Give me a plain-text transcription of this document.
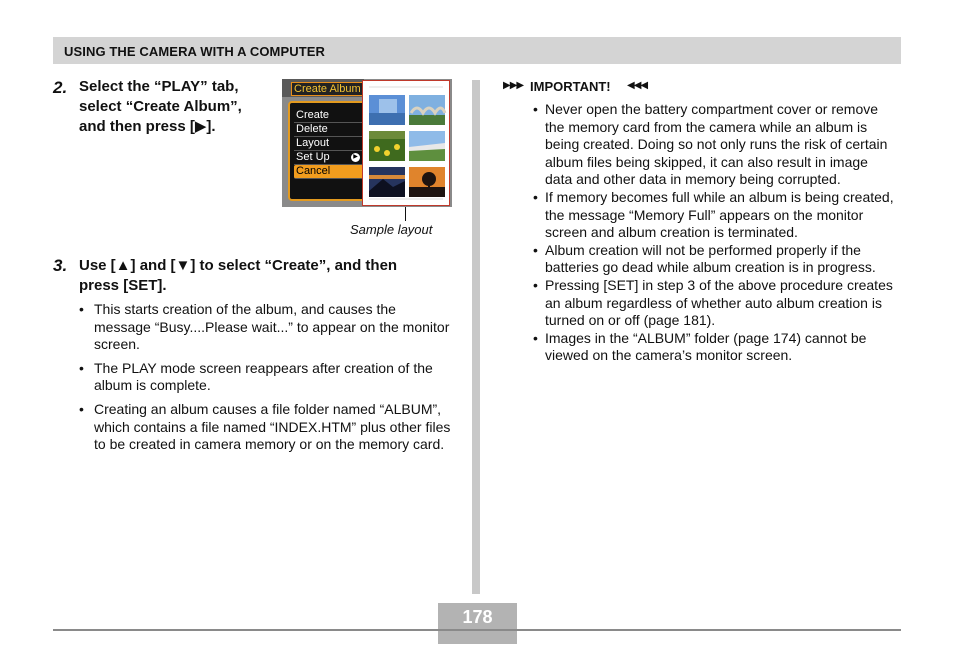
USING THE CAMERA WITH A COMPUTER
2. Select the “PLAY” tab,
select “Create Album”,
and then press [▶].
Create Album
Create
Delete
Layout
Set Up	▶
Cancel
Sample layout
3. Use [▲] and [▼] to select “Create”, and then
press [SET].
• This starts creation of the album, and causes the message “Busy....Please wait...” to appear on the monitor screen.
• The PLAY mode screen reappears after creation of the album is complete.
• Creating an album causes a file folder named “ALBUM”, which contains a file named “INDEX.HTM” plus other files to be created in camera memory or on the memory card.
▶▶▶ IMPORTANT! ◀◀◀
• Never open the battery compartment cover or remove the memory card from the camera while an album is being created. Doing so not only runs the risk of certain album files being skipped, it can also result in image data and other data in memory being corrupted.
• If memory becomes full while an album is being created, the message “Memory Full” appears on the monitor screen and album creation is terminated.
• Album creation will not be performed properly if the batteries go dead while album creation is in progress.
• Pressing [SET] in step 3 of the above procedure creates an album regardless of whether auto album creation is turned on or off (page 181).
• Images in the “ALBUM” folder (page 174) cannot be viewed on the camera’s monitor screen.
178
